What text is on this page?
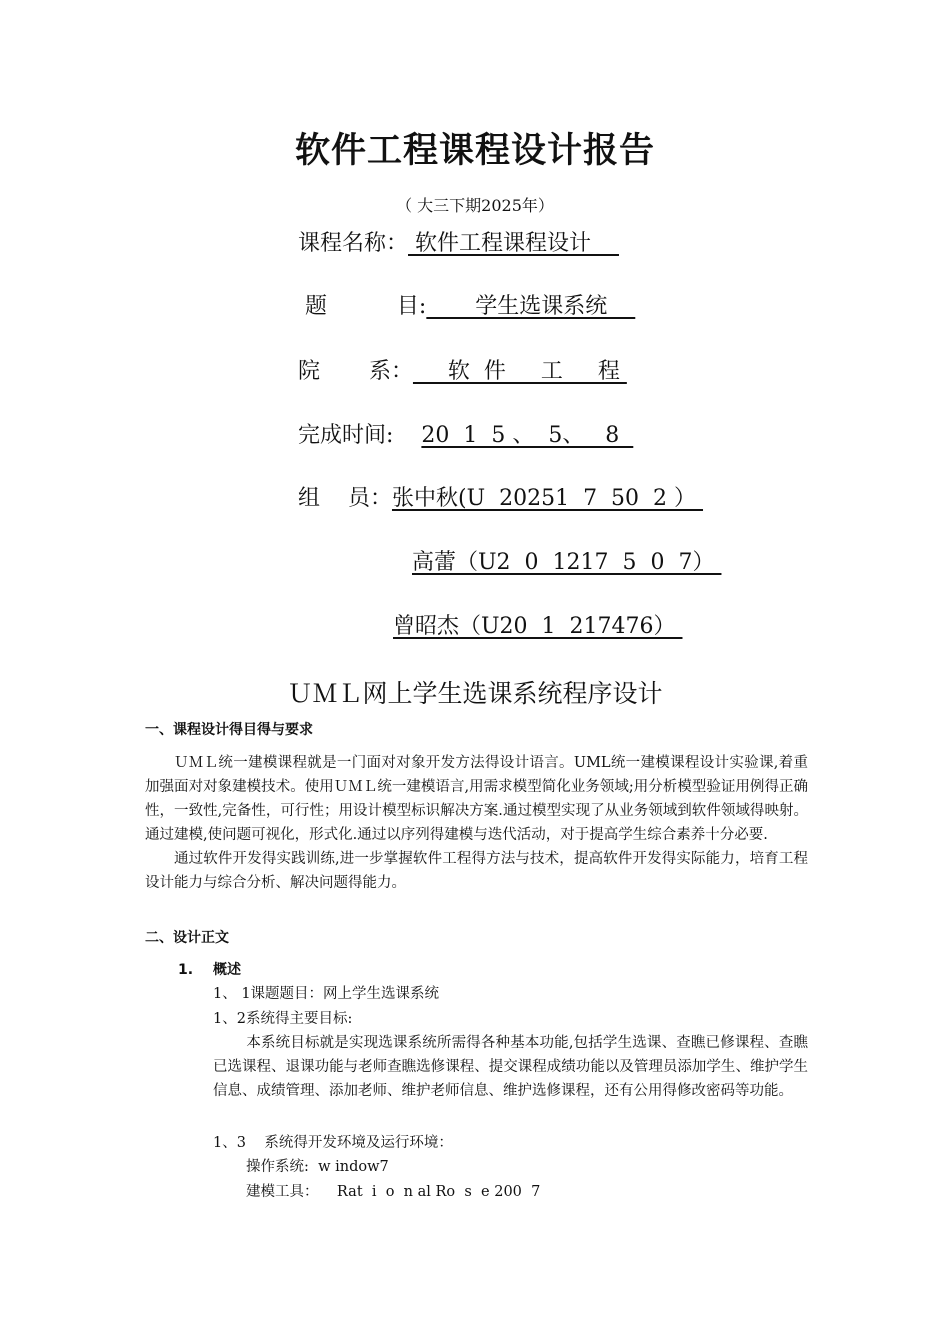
软件工程课程设计报告
（ 大三下期2025年）
课程名称： 软件工程课程设计
题          目:       学生选课系统
院       系：     软  件     工     程
完成时间:    20  1  5 、  5、   8
组    员：张中秋(U  20251  7  50  2 ）
高蕾（U2  0  1217  5  0  7）
曾昭杰（U20  1  217476）
ＵＭＬ网上学生选课系统程序设计
一、课程设计得目得与要求

ＵＭＬ统一建模课程就是一门面对对象开发方法得设计语言。UML统一建模课程设计实验课,着重加强面对对象建模技术。使用ＵＭＬ统一建模语言,用需求模型简化业务领域;用分析模型验证用例得正确性，一致性,完备性，可行性；用设计模型标识解决方案.通过模型实现了从业务领域到软件领域得映射。通过建模,使问题可视化，形式化.通过以序列得建模与迭代活动，对于提高学生综合素养十分必要.

通过软件开发得实践训练,进一步掌握软件工程得方法与技术，提高软件开发得实际能力，培育工程设计能力与综合分析、解决问题得能力。

二、设计正文
1. 概述
1、 1课题题目：网上学生选课系统
1、2系统得主要目标:

本系统目标就是实现选课系统所需得各种基本功能,包括学生选课、查瞧已修课程、查瞧已选课程、退课功能与老师查瞧选修课程、提交课程成绩功能以及管理员添加学生、维护学生信息、成绩管理、添加老师、维护老师信息、维护选修课程，还有公用得修改密码等功能。

1、3    系统得开发环境及运行环境：
操作系统:  w indow7
建模工具：    Rat  i  o  n al Ro  s  e 200  7
